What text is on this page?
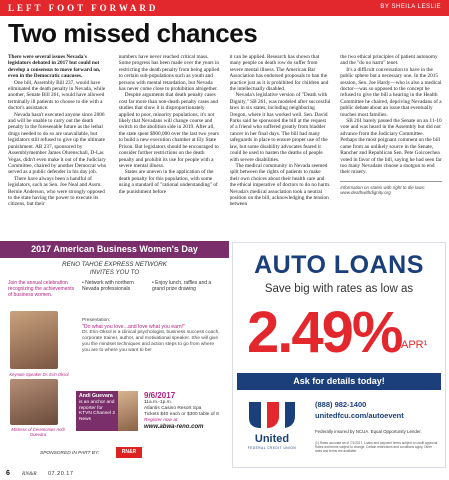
LEFT FOOT FORWARD	BY SHEILA LESLIE
Two missed chances

There were several issues Nevada's legislators debated in 2017 but could not develop a consensus to move forward on, even in the Democratic caucuses.

One bill, Assembly Bill 237, would have eliminated the death penalty in Nevada, while another, Senate Bill 261, would have allowed terminally ill patients to choose to die with a doctor's assistance.

Nevada hasn't executed anyone since 2006 and will be unable to carry out the death penalty in the foreseeable future as the lethal drugs needed to do so are unavailable, but legislators still refused to give up the ultimate punishment. AB 237, sponsored by Assemblymember James Ohrenschall, D-Las Vegas, didn't even make it out of the Judiciary Committee, chaired by another Democrat who served as a public defender in his day job.

There have always been a handful of legislators, such as Sen. Joe Neal and Assm. Bernie Anderson, who were strongly opposed to the state having the power to execute its citizens, but their

numbers have never reached critical mass. Some progress has been made over the years in restricting the death penalty from being applied to certain sub-populations such as youth and persons with mental retardation, but Nevada has never come close to prohibition altogether.

Despite arguments that death penalty cases cost far more than non-death penalty cases and studies that show it is disproportionately applied to poor, minority populations, it's not likely that Nevadans will change course and switch to the abolition side in 2019. After all, the state spent $900,000 over the last two years to build a new execution chamber at Ely State Prison. But legislators should be encouraged to consider further restrictions on the death penalty and prohibit its use for people with a severe mental illness.

States are uneven in the application of the death penalty for this population, with some using a standard of "rational understanding" of the punishment before

it can be applied. Research has shown that many people on death row do suffer from severe mental illness. The American Bar Association has endorsed proposals to ban the practice just as it is prohibited for children and the intellectually disabled.

Nevada's legislative version of "Death with Dignity," SB 261, was modeled after successful laws in six states, including neighboring Oregon, where it has worked well. Sen. David Parks said he sponsored the bill at the request of a friend who suffered greatly from bladder cancer in her final days. The bill had many safeguards in place to ensure proper use of the law, but some disability advocates feared it could be used to hasten the deaths of people with severe disabilities.

The medical community in Nevada seemed split between the rights of patients to make their own choices about their health care and the ethical imperative of doctors to do no harm. Nevada's medical association took a neutral position on the bill, acknowledging the tension between

the two ethical principles of patient autonomy and the "do no harm" tenet.

It's a difficult conversation to have in the public sphere but a necessary one. In the 2015 session, Sen. Joe Hardy—who is also a medical doctor—was so opposed to the concept he refused to give the bill a hearing in the Health Committee he chaired, depriving Nevadans of a public debate about an issue that eventually touches most families.

SB 261 barely passed the Senate on an 11-10 vote and was heard in the Assembly but did not advance from the Judiciary Committee. Perhaps the most poignant comment on the bill came from an unlikely source in the Senate, Rancher and Republican Sen. Pete Goicoechea voted in favor of the bill, saying he had seen far too many Nevadans choose a shotgun to end their misery.

Information on states with right to die laws: www.deathwithdignity.org
2017 American Business Women's Day
RENO TAHOE EXPRESS NETWORK
INVITES YOU TO
Join the annual celebration recognizing the achievements of business women.
• Network with northern Nevada professionals
• Enjoy lunch, raffles and a grand prize drawing
Keynote Speaker Dr. Erin Oksol
Presentation:
"Do what you love...and love what you earn!"
Dr. Erin Oksol is a clinical psychologist, business success coach, corporate trainer, author, and motivational speaker. She will give you the mindset techniques and action steps to go from where you are to where you want to be!
Mistress of Ceremonies Andi Guevara
Andi Guevara
is an anchor and reporter for KTVN Channel 2 News
9/6/2017
11a.m.-1p.m.
Atlantis Casino Resort Spa
Tickets $40 each or $300 table of 8
Register now at
www.abwa-reno.com
SPONSORED IN PART BY:	RN&R
AUTO LOANS
Save big with rates as low as
2.49% APR¹
Ask for details today!
United
FEDERAL CREDIT UNION
(888) 982-1400
unitedfcu.com/autoevent
Federally insured by NCUA. Equal Opportunity Lender.
(1) Rates accurate as of 7/1/2017. Loans and payment terms subject to credit approval. Rates and terms subject to change. Certain restrictions and conditions apply. Other rates and terms are available.
6 RN&R 07.20.17
